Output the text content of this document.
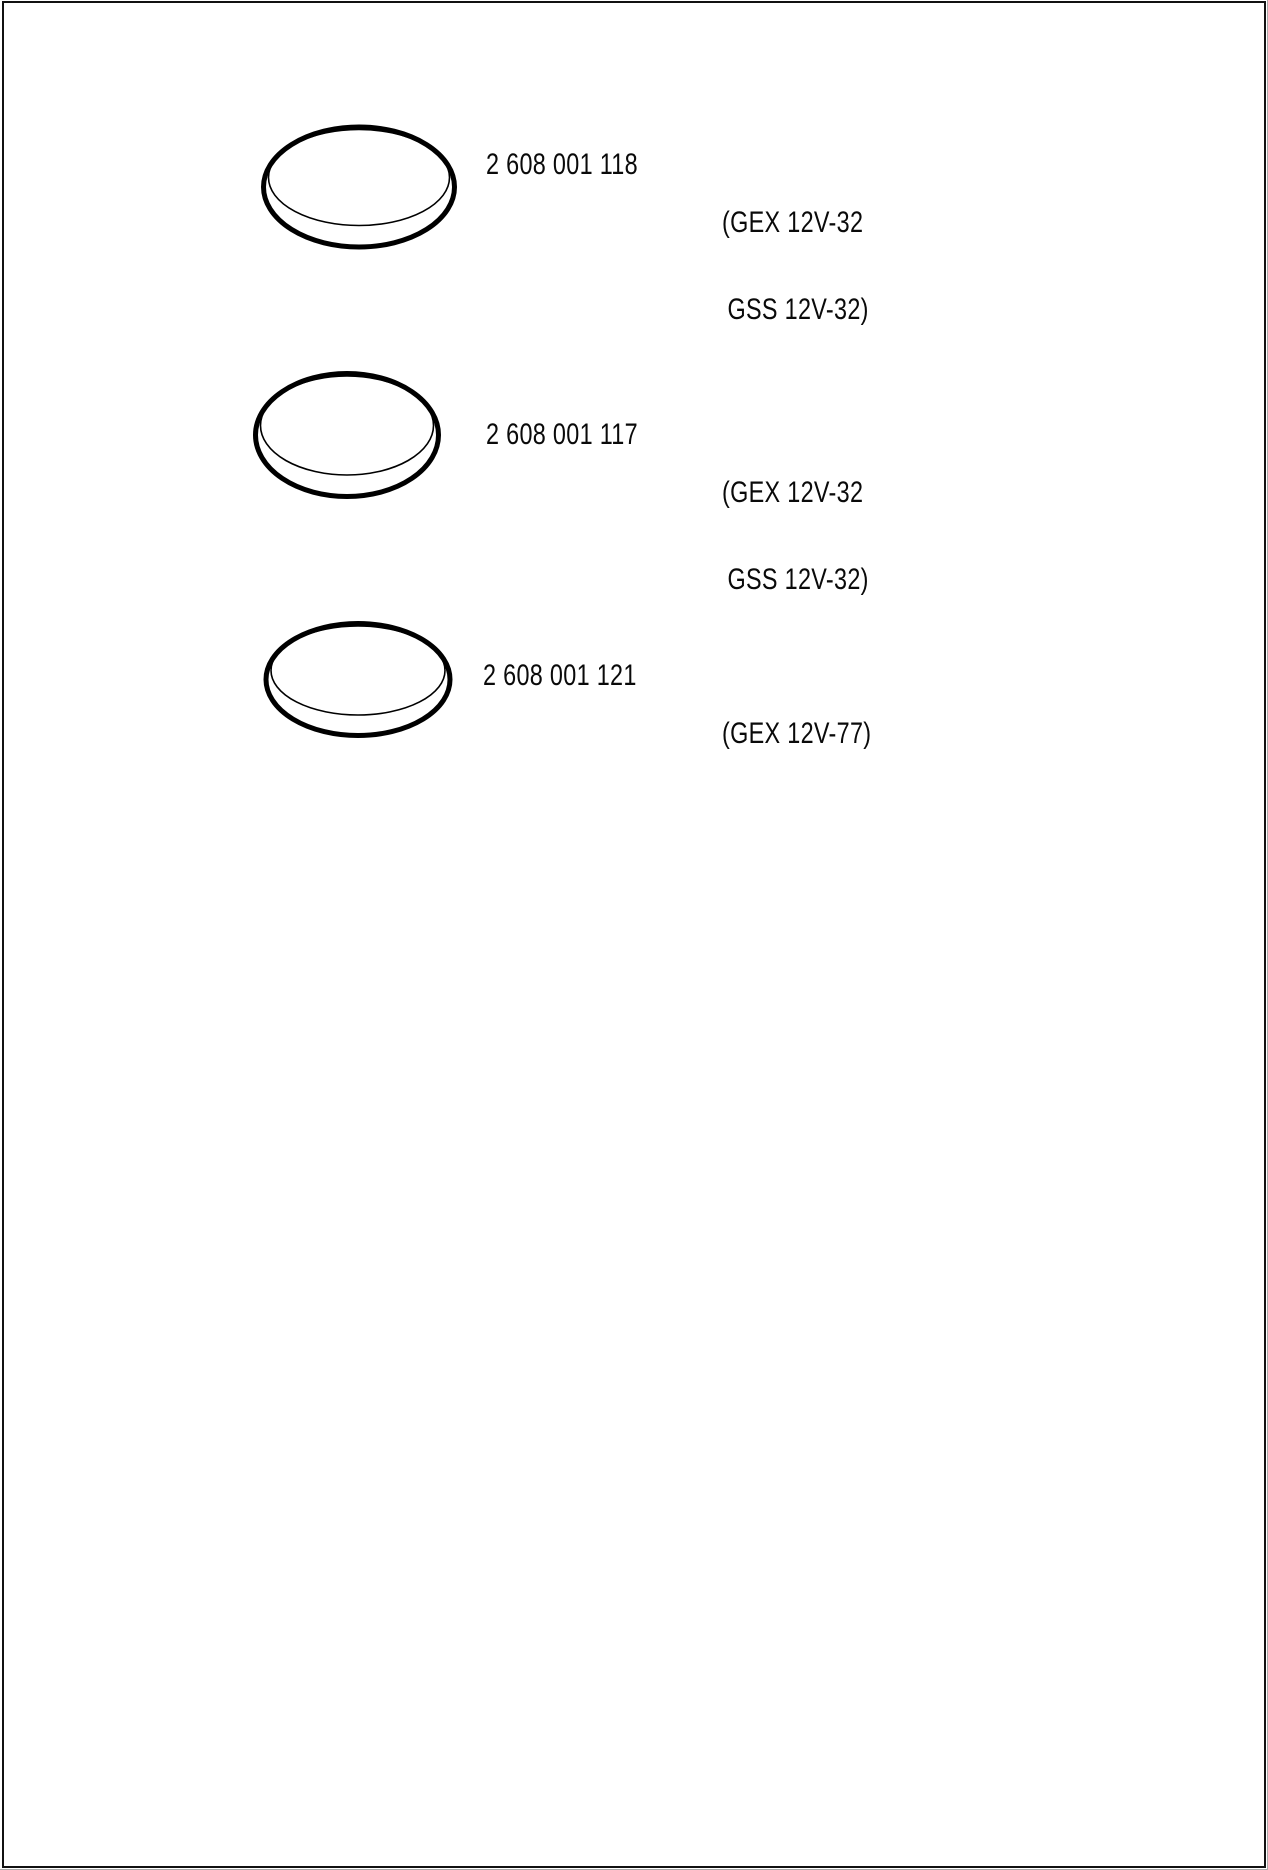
2 608 001 118

(GEX 12V-32

GSS 12V-32)

2 608 001 117

(GEX 12V-32

GSS 12V-32)

2 608 001 121

(GEX 12V-77)
